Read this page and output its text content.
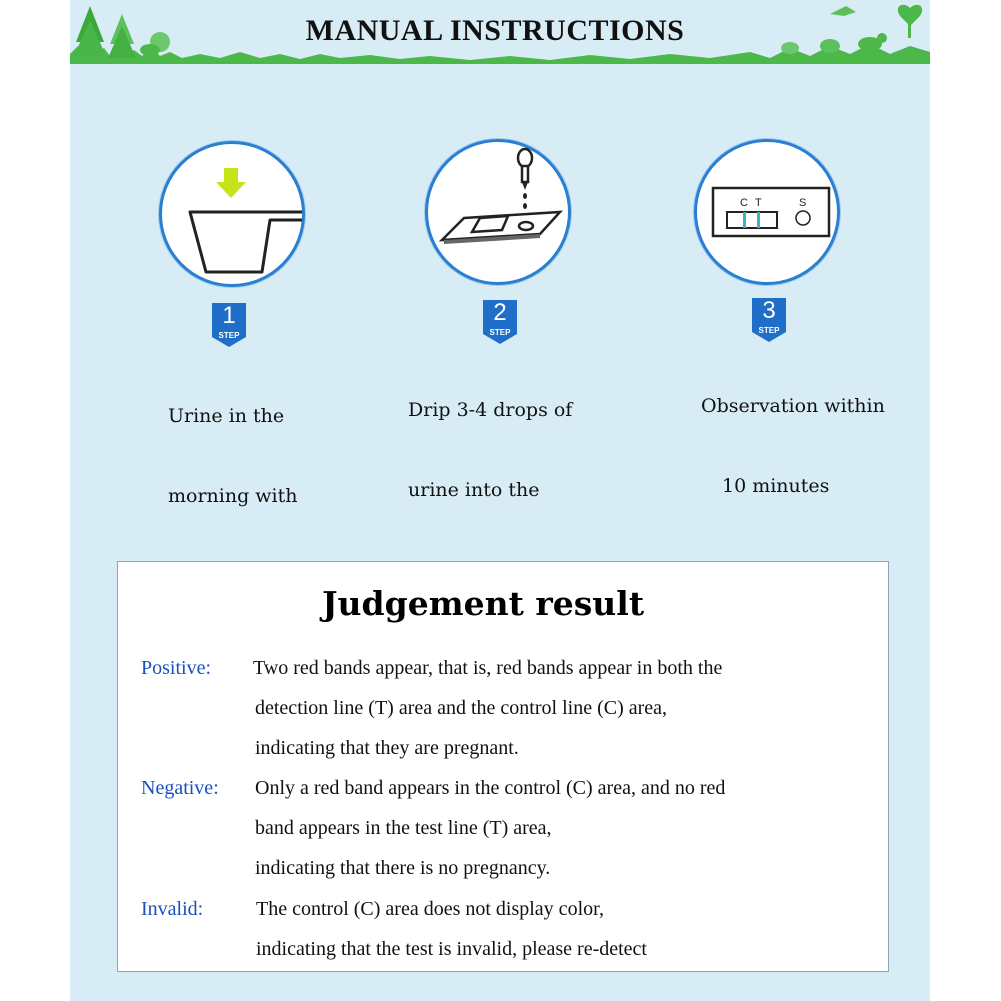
MANUAL INSTRUCTIONS
1
STEP

Urine in the

morning with

2
STEP

Drip 3-4 drops of

urine into the

C T	S
3
STEP

Observation within

10 minutes

Judgement result
Positive: Two red bands appear, that is, red bands appear in both the
detection line (T) area and the control line (C) area,
indicating that they are pregnant.
Negative: Only a red band appears in the control (C) area, and no red
band appears in the test line (T) area,
indicating that there is no pregnancy.
Invalid:	The control (C) area does not display color,
indicating that the test is invalid, please re-detect
